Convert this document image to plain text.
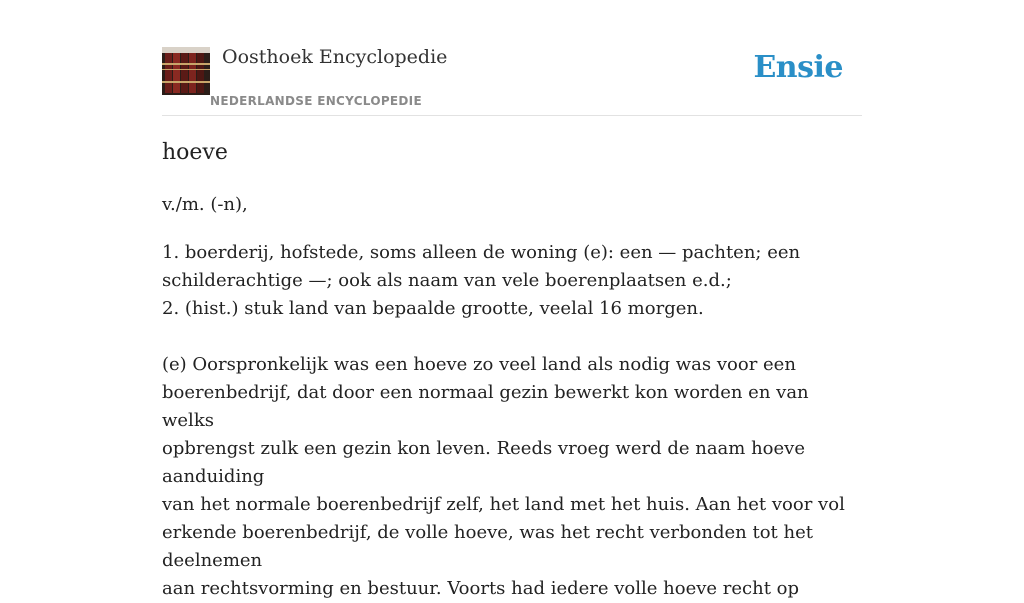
Oosthoek Encyclopedie
NEDERLANDSE ENCYCLOPEDIE
Ensie
hoeve
v./m. (-n),

1. boerderij, hofstede, soms alleen de woning (e): een — pachten; een

schilderachtige —; ook als naam van vele boerenplaatsen e.d.;

2. (hist.) stuk land van bepaalde grootte, veelal 16 morgen.

(e) Oorspronkelijk was een hoeve zo veel land als nodig was voor een

boerenbedrijf, dat door een normaal gezin bewerkt kon worden en van welks

opbrengst zulk een gezin kon leven. Reeds vroeg werd de naam hoeve aanduiding

van het normale boerenbedrijf zelf, het land met het huis. Aan het voor vol

erkende boerenbedrijf, de volle hoeve, was het recht verbonden tot het deelnemen

aan rechtsvorming en bestuur. Voorts had iedere volle hoeve recht op
